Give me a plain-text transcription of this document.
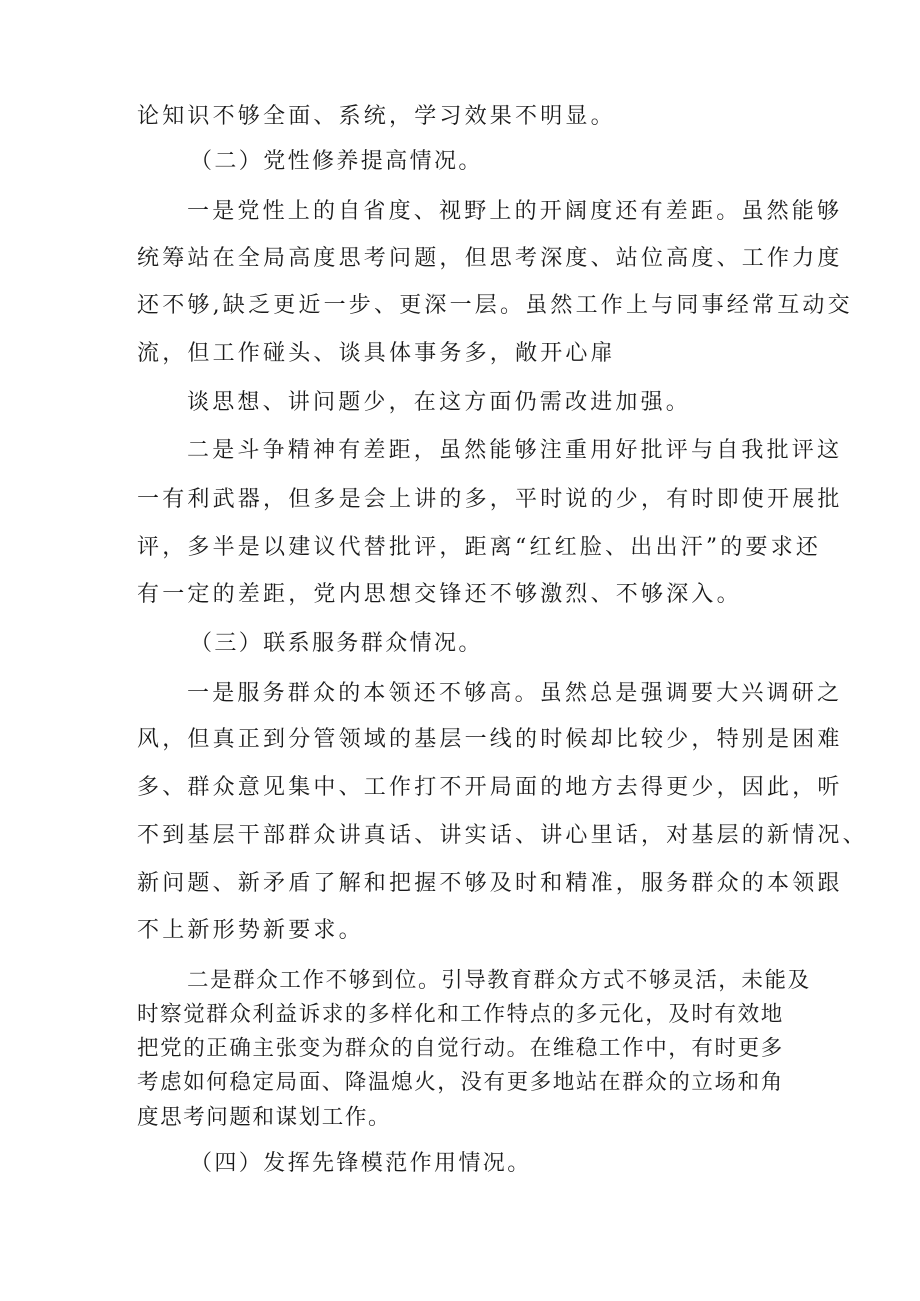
论知识不够全面、系统，学习效果不明显。
（二）党性修养提高情况。
一是党性上的自省度、视野上的开阔度还有差距。虽然能够
统筹站在全局高度思考问题，但思考深度、站位高度、工作力度
还不够,缺乏更近一步、更深一层。虽然工作上与同事经常互动交
流，但工作碰头、谈具体事务多，敞开心扉
谈思想、讲问题少，在这方面仍需改进加强。
二是斗争精神有差距，虽然能够注重用好批评与自我批评这
一有利武器，但多是会上讲的多，平时说的少，有时即使开展批
评，多半是以建议代替批评，距离“红红脸、出出汗”的要求还
有一定的差距，党内思想交锋还不够激烈、不够深入。
（三）联系服务群众情况。
一是服务群众的本领还不够高。虽然总是强调要大兴调研之
风，但真正到分管领域的基层一线的时候却比较少，特别是困难
多、群众意见集中、工作打不开局面的地方去得更少，因此，听
不到基层干部群众讲真话、讲实话、讲心里话，对基层的新情况、
新问题、新矛盾了解和把握不够及时和精准，服务群众的本领跟
不上新形势新要求。
二是群众工作不够到位。引导教育群众方式不够灵活，未能及
时察觉群众利益诉求的多样化和工作特点的多元化，及时有效地
把党的正确主张变为群众的自觉行动。在维稳工作中，有时更多
考虑如何稳定局面、降温熄火，没有更多地站在群众的立场和角
度思考问题和谋划工作。
（四）发挥先锋模范作用情况。
